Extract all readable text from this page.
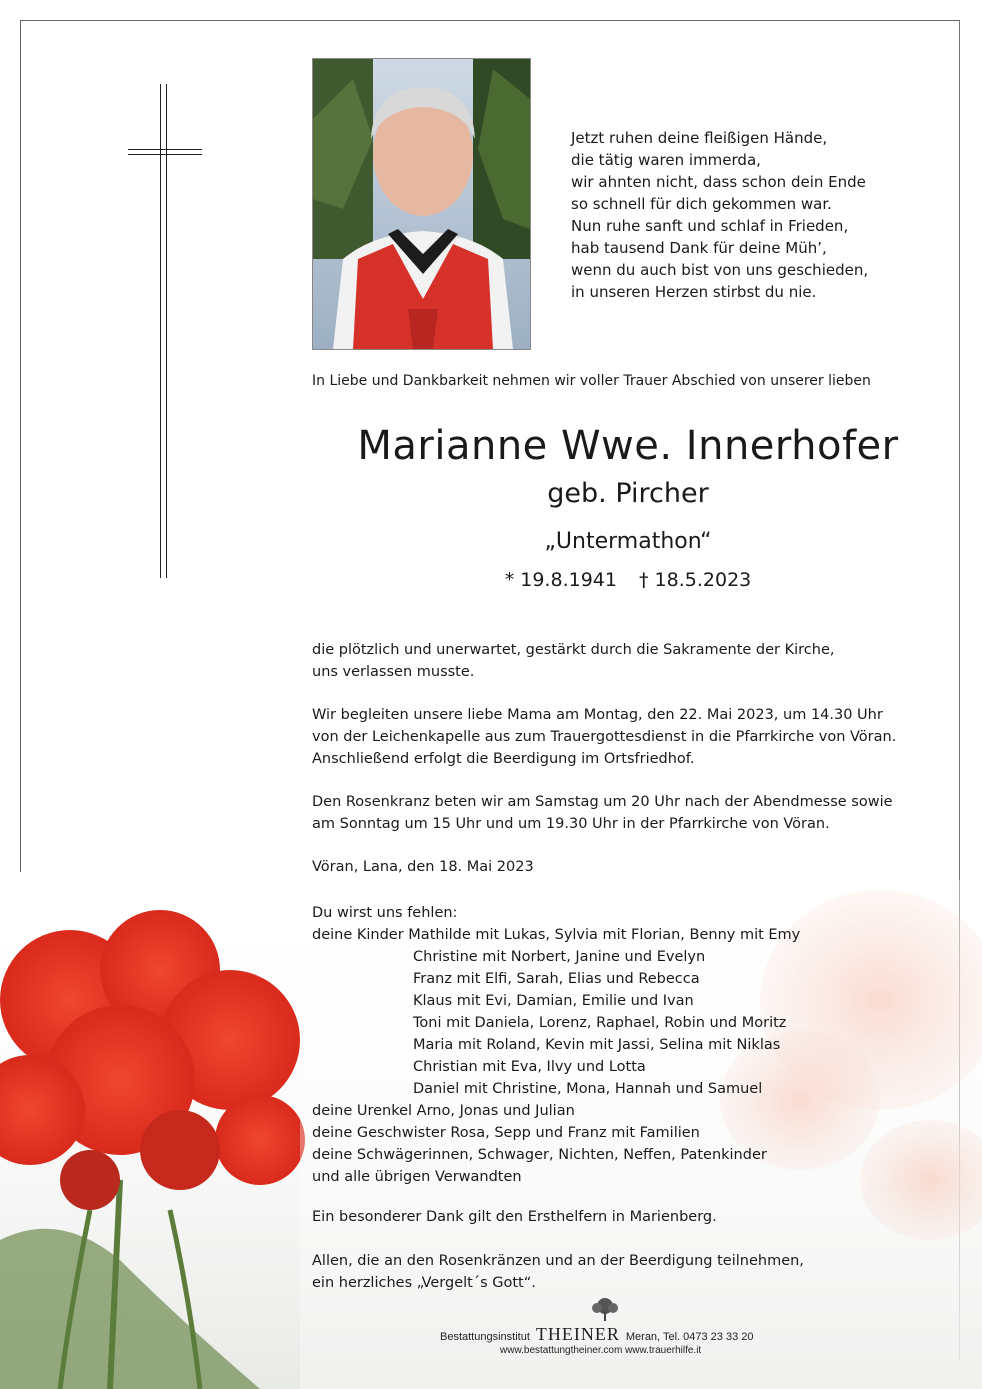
Jetzt ruhen deine fleißigen Hände,
die tätig waren immerda,
wir ahnten nicht, dass schon dein Ende
so schnell für dich gekommen war.
Nun ruhe sanft und schlaf in Frieden,
hab tausend Dank für deine Müh’,
wenn du auch bist von uns geschieden,
in unseren Herzen stirbst du nie.
In Liebe und Dankbarkeit nehmen wir voller Trauer Abschied von unserer lieben
Marianne Wwe. Innerhofer
geb. Pircher
„Untermathon“
* 19.8.1941 † 18.5.2023
die plötzlich und unerwartet, gestärkt durch die Sakramente der Kirche,
uns verlassen musste.
Wir begleiten unsere liebe Mama am Montag, den 22. Mai 2023, um 14.30 Uhr
von der Leichenkapelle aus zum Trauergottesdienst in die Pfarrkirche von Vöran.
Anschließend erfolgt die Beerdigung im Ortsfriedhof.
Den Rosenkranz beten wir am Samstag um 20 Uhr nach der Abendmesse sowie
am Sonntag um 15 Uhr und um 19.30 Uhr in der Pfarrkirche von Vöran.
Vöran, Lana, den 18. Mai 2023
Du wirst uns fehlen:
deine Kinder Mathilde mit Lukas, Sylvia mit Florian, Benny mit Emy
Christine mit Norbert, Janine und Evelyn
Franz mit Elfi, Sarah, Elias und Rebecca
Klaus mit Evi, Damian, Emilie und Ivan
Toni mit Daniela, Lorenz, Raphael, Robin und Moritz
Maria mit Roland, Kevin mit Jassi, Selina mit Niklas
Christian mit Eva, Ilvy und Lotta
Daniel mit Christine, Mona, Hannah und Samuel
deine Urenkel Arno, Jonas und Julian
deine Geschwister Rosa, Sepp und Franz mit Familien
deine Schwägerinnen, Schwager, Nichten, Neffen, Patenkinder
und alle übrigen Verwandten
Ein besonderer Dank gilt den Ersthelfern in Marienberg.
Allen, die an den Rosenkränzen und an der Beerdigung teilnehmen,
ein herzliches „Vergelt´s Gott“.
Bestattungsinstitut THEINER Meran, Tel. 0473 23 33 20
www.bestattungtheiner.com www.trauerhilfe.it
